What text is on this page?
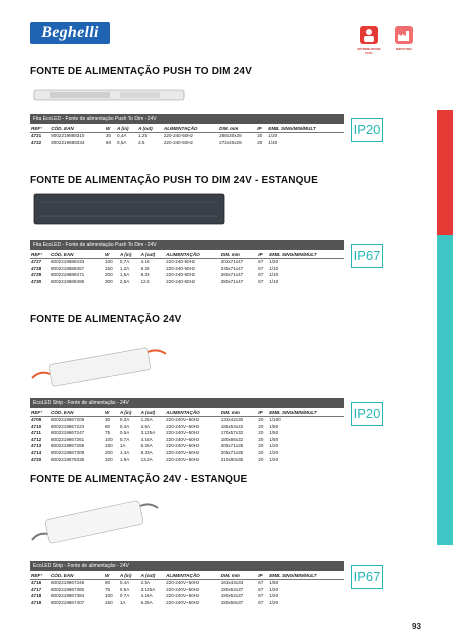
Beghelli
DISTRIBUZIONE CIVIL
INDUSTRIA
FONTE DE ALIMENTAÇÃO PUSH TO DIM 24V
Fita EcoLED - Fonte de alimentação Push To Dim - 24V								
REF°	CÓD. EAN	W	A (in)	A (out)	ALIMENTAÇÃO	DIM. mm	IP	EMB. SING/MIN/MULT
4721	8002219888310	30	0,4A	1.25	220-240-50Hz	288x30x28	20	1/20
4722	8002219888334	60	0,5A	2.5	220-240-50Hz	272x40x28	20	1/40
IP20
FONTE DE ALIMENTAÇÃO PUSH TO DIM 24V - ESTANQUE
Fita EcoLED - Fonte de alimentação Push To Dim - 24V								
REF°	CÓD. EAN	W	A (in)	A (out)	ALIMENTAÇÃO	DIM. mm	IP	EMB. SING/MIN/MULT
4727	8002219888433	100	0,7A	4.16	220-240-50Hz	202x71x47	67	1/20
4728	8002219888457	150	1,2A	6.25	220-240-50Hz	245x71x47	67	1/10
4729	8002219888471	200	1,5A	8.33	220-240-50Hz	260x71x47	67	1/10
4730	8002219888495	300	2,5A	12.5	220-240-50Hz	280x71x47	67	1/10
IP67
FONTE DE ALIMENTAÇÃO 24V
EcoLED Strip - Fonte de alimentação - 24V								
REF°	CÓD. EAN	W	A (in)	A (out)	ALIMENTAÇÃO	DIM. mm	IP	EMB. SING/MIN/MULT
4709	8002219867209	30	0.3A	1.25A	220-240V~50Hz	133x42x30	20	1/100
4710	8002219867223	60	0.4A	2.5A	220-240V~50Hz	185x54x22	20	1/50
4711	8002219867247	75	0.5A	3.125A	220-240V~50Hz	170x57x32	20	1/50
4712	8002219867261	100	0.7A	4.16A	220-240V~50Hz	180x66x32	20	1/50
4713	8002219867285	150	1A	6.25A	220-240V~50Hz	205x71x35	20	1/20
4714	8002219867308	200	1.4A	8.33A	220-240V~50Hz	205x71x35	20	1/20
4720	8002219878335	320	1.9A	13.3A	220-240V~50Hz	210x80x36	20	1/20
IP20
FONTE DE ALIMENTAÇÃO 24V - ESTANQUE
EcoLED Strip - Fonte de alimentação - 24V								
REF°	CÓD. EAN	W	A (in)	A (out)	ALIMENTAÇÃO	DIM. mm	IP	EMB. SING/MIN/MULT
4716	8002219867346	60	0.4A	2.5A	220-240V~50Hz	163x43x33	67	1/50
4717	8002219867360	75	0.5A	3.125A	220-240V~50Hz	190x52x37	67	1/20
4718	8002219867384	100	0.7A	4.16A	220-240V~50Hz	190x52x37	67	1/20
4719	8002219867407	150	1A	6.25A	220-240V~50Hz	190x58x37	67	1/20
IP67
93
